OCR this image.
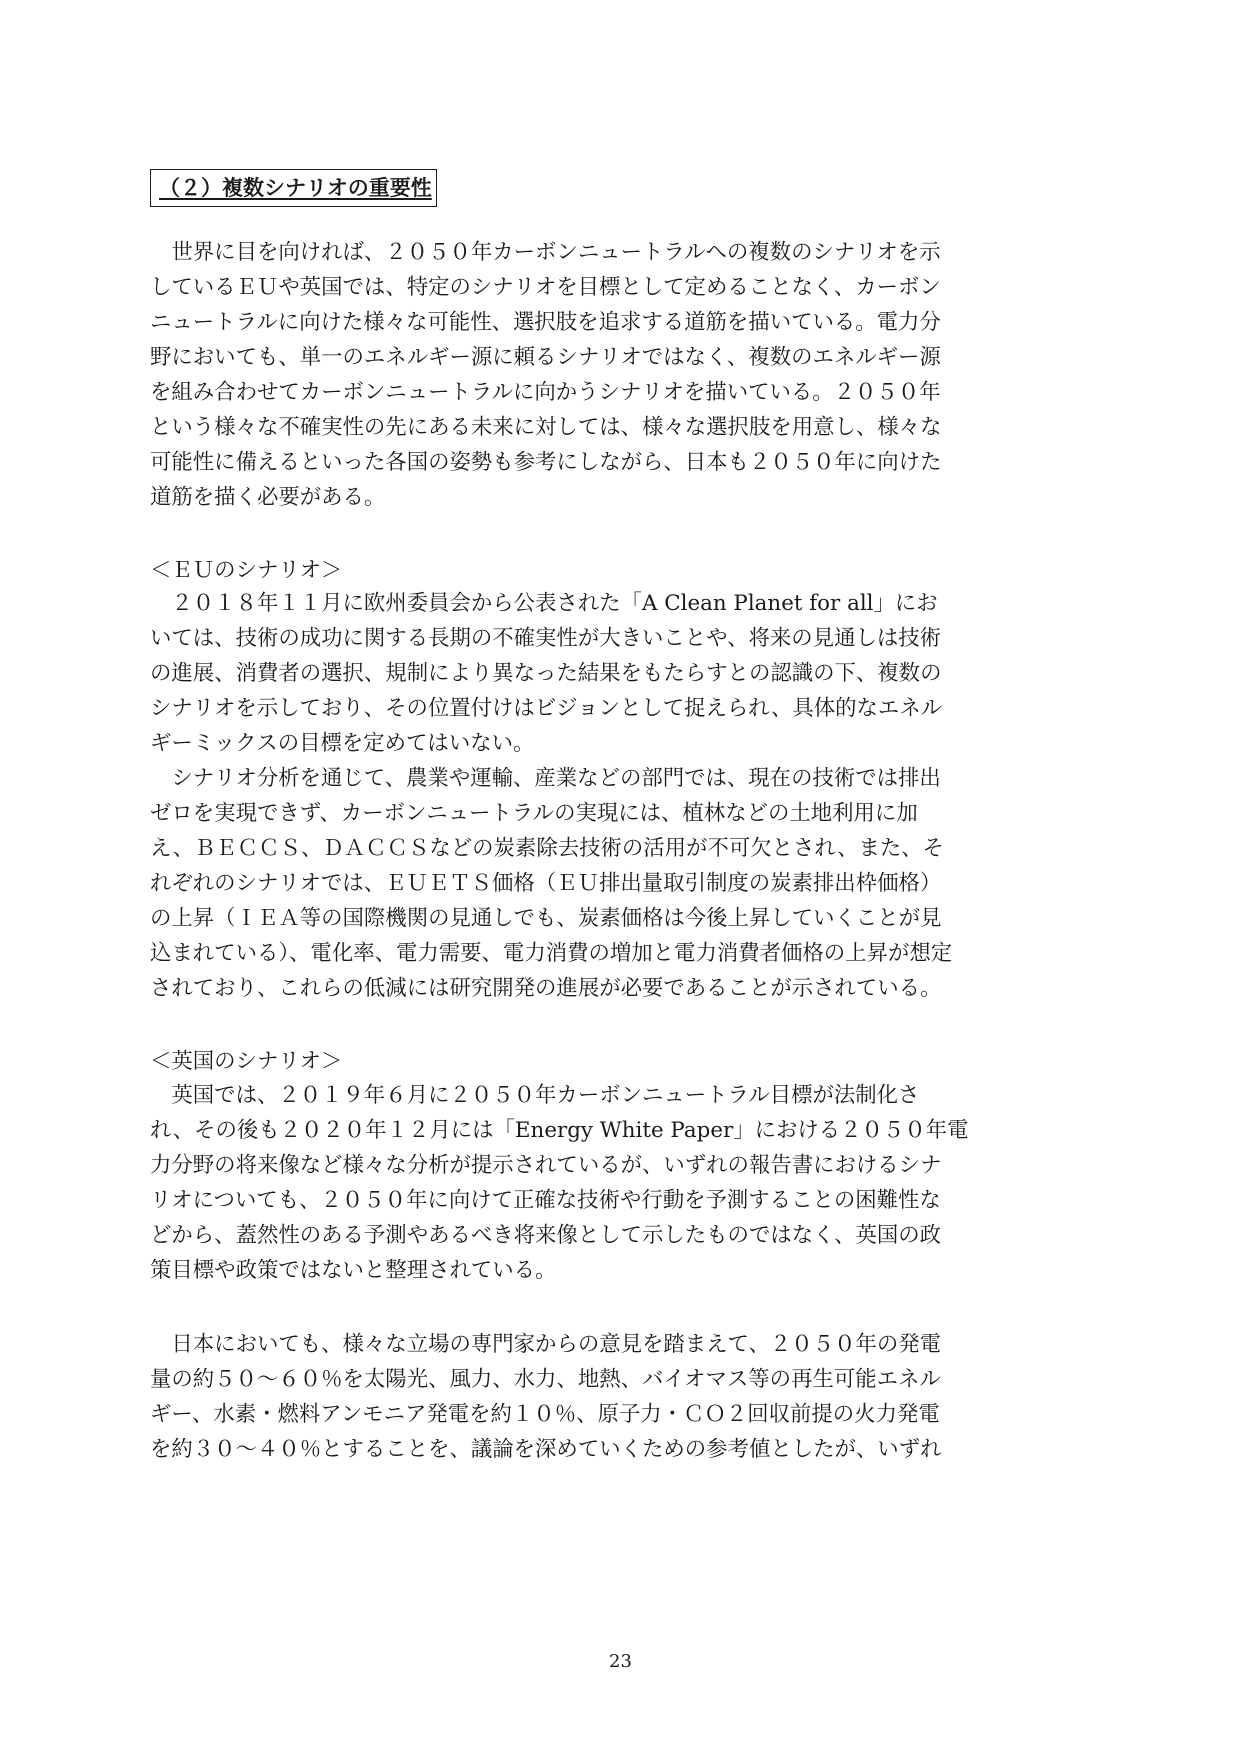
（２）複数シナリオの重要性
　世界に目を向ければ、２０５０年カーボンニュートラルへの複数のシナリオを示
しているＥＵや英国では、特定のシナリオを目標として定めることなく、カーボン
ニュートラルに向けた様々な可能性、選択肢を追求する道筋を描いている。電力分
野においても、単一のエネルギー源に頼るシナリオではなく、複数のエネルギー源
を組み合わせてカーボンニュートラルに向かうシナリオを描いている。２０５０年
という様々な不確実性の先にある未来に対しては、様々な選択肢を用意し、様々な
可能性に備えるといった各国の姿勢も参考にしながら、日本も２０５０年に向けた
道筋を描く必要がある。
＜ＥＵのシナリオ＞
　２０１８年１１月に欧州委員会から公表された「A Clean Planet for all」にお
いては、技術の成功に関する長期の不確実性が大きいことや、将来の見通しは技術
の進展、消費者の選択、規制により異なった結果をもたらすとの認識の下、複数の
シナリオを示しており、その位置付けはビジョンとして捉えられ、具体的なエネル
ギーミックスの目標を定めてはいない。
　シナリオ分析を通じて、農業や運輸、産業などの部門では、現在の技術では排出
ゼロを実現できず、カーボンニュートラルの実現には、植林などの土地利用に加
え、ＢＥＣＣＳ、ＤＡＣＣＳなどの炭素除去技術の活用が不可欠とされ、また、そ
れぞれのシナリオでは、ＥＵＥＴＳ価格（ＥＵ排出量取引制度の炭素排出枠価格）
の上昇（ＩＥＡ等の国際機関の見通しでも、炭素価格は今後上昇していくことが見
込まれている）、電化率、電力需要、電力消費の増加と電力消費者価格の上昇が想定
されており、これらの低減には研究開発の進展が必要であることが示されている。
＜英国のシナリオ＞
　英国では、２０１９年６月に２０５０年カーボンニュートラル目標が法制化さ
れ、その後も２０２０年１２月には「Energy White Paper」における２０５０年電
力分野の将来像など様々な分析が提示されているが、いずれの報告書におけるシナ
リオについても、２０５０年に向けて正確な技術や行動を予測することの困難性な
どから、蓋然性のある予測やあるべき将来像として示したものではなく、英国の政
策目標や政策ではないと整理されている。
　日本においても、様々な立場の専門家からの意見を踏まえて、２０５０年の発電
量の約５０～６０％を太陽光、風力、水力、地熱、バイオマス等の再生可能エネル
ギー、水素・燃料アンモニア発電を約１０％、原子力・ＣＯ２回収前提の火力発電
を約３０～４０％とすることを、議論を深めていくための参考値としたが、いずれ
23
